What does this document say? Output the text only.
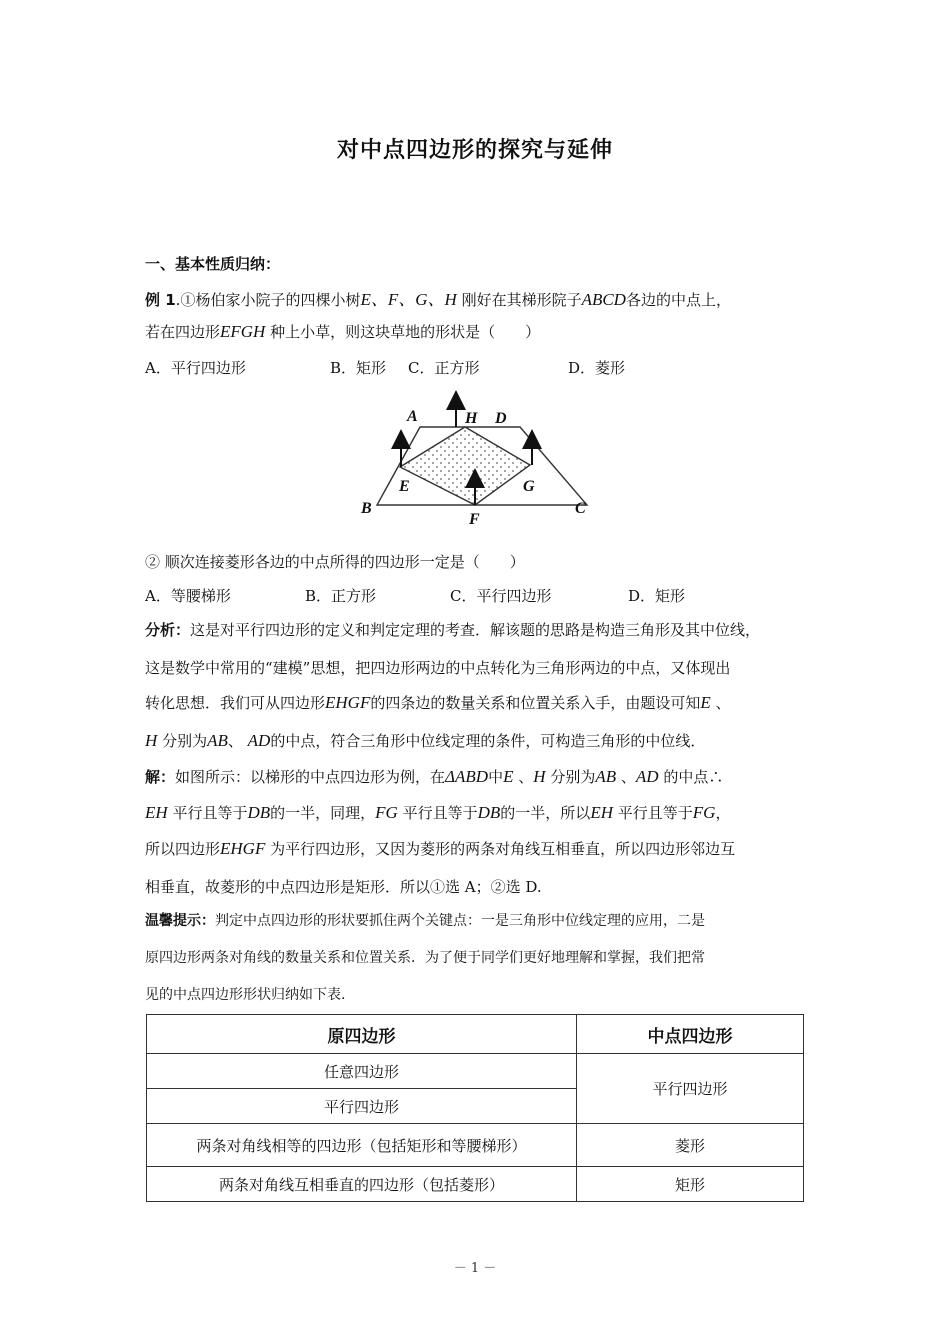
对中点四边形的探究与延伸
一、基本性质归纳：
例 1.①杨伯家小院子的四棵小树E、F、G、H 刚好在其梯形院子ABCD各边的中点上，
若在四边形EFGH 种上小草，则这块草地的形状是（　　）
A．平行四边形	B．矩形 C．正方形	D．菱形
A	H D
E	G
B
F
C
② 顺次连接菱形各边的中点所得的四边形一定是（　　）
A．等腰梯形	B．正方形	C．平行四边形	D．矩形
分析：这是对平行四边形的定义和判定定理的考查．解该题的思路是构造三角形及其中位线，
这是数学中常用的“建模”思想，把四边形两边的中点转化为三角形两边的中点，又体现出
转化思想．我们可从四边形EHGF的四条边的数量关系和位置关系入手，由题设可知E 、
H 分别为AB、 AD的中点，符合三角形中位线定理的条件，可构造三角形的中位线．
解：如图所示：以梯形的中点四边形为例，在ΔABD中E 、H 分别为AB 、AD 的中点∴
EH 平行且等于DB的一半，同理，FG 平行且等于DB的一半，所以EH 平行且等于FG，
所以四边形EHGF 为平行四边形，又因为菱形的两条对角线互相垂直，所以四边形邻边互
相垂直，故菱形的中点四边形是矩形．所以①选 A；②选 D.
温馨提示：判定中点四边形的形状要抓住两个关键点：一是三角形中位线定理的应用，二是
原四边形两条对角线的数量关系和位置关系．为了便于同学们更好地理解和掌握，我们把常
见的中点四边形形状归纳如下表.
原四边形	中点四边形
任意四边形	平行四边形
平行四边形	
两条对角线相等的四边形（包括矩形和等腰梯形）	菱形
两条对角线互相垂直的四边形（包括菱形）	矩形
－ 1 －
